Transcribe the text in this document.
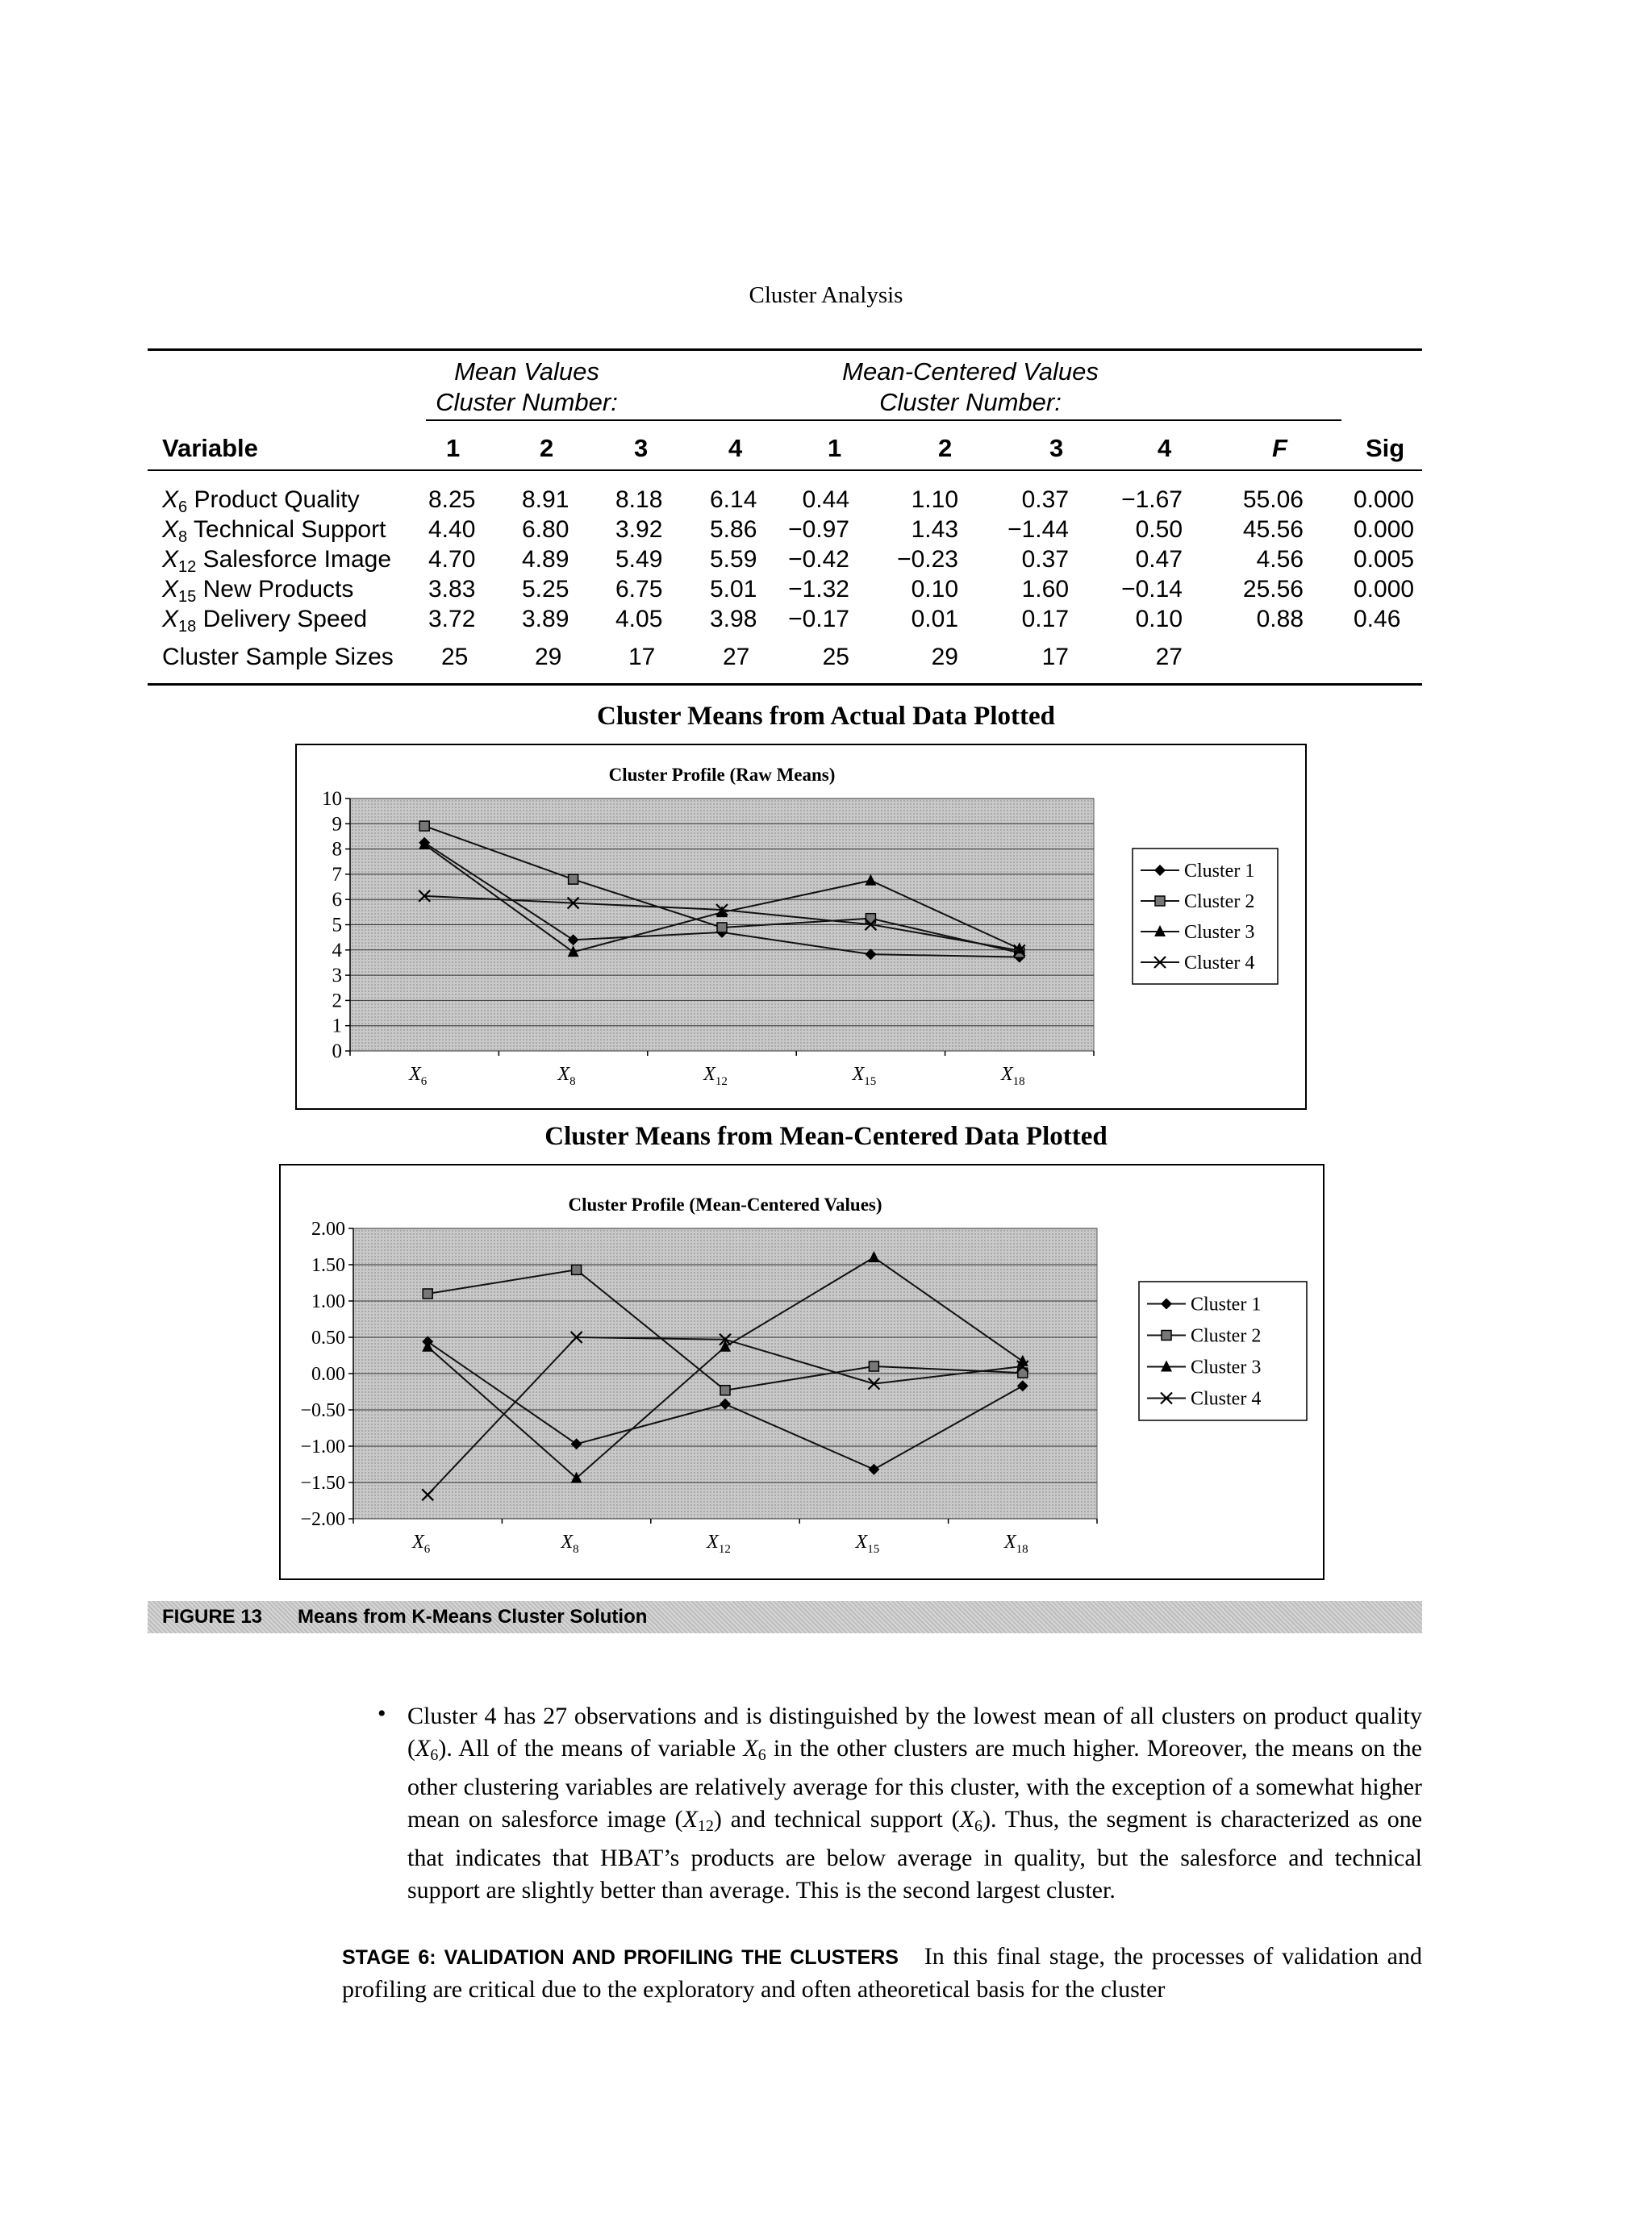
Cluster Analysis
Mean Values
Cluster Number:
Mean-Centered Values
Cluster Number:
Variable	1	2	3	4	1	2	3	4	F	Sig
$X_6$ Product Quality	8.25 8.91 8.18 6.14 0.44	1.10	0.37 −1.67 55.06 0.000
$X_8$ Technical Support 4.40 6.80 3.92 5.86 −0.97	1.43 −1.44	0.50 45.56 0.000
$X_{12}$ Salesforce Image 4.70 4.89 5.49 5.59 −0.42 −0.23	0.37	0.47	4.56 0.005
$X_{15}$ New Products	3.83 5.25 6.75 5.01 −1.32	0.10	1.60 −0.14 25.56 0.000
$X_{18}$ Delivery Speed	3.72 3.89 4.05 3.98 −0.17	0.01	0.17	0.10	0.88 0.46
Cluster Sample Sizes 25	29	17	27	25	29	17	27
Cluster Means from Actual Data Plotted
Cluster Profile (Raw Means)
0
1
2
3
4
5
6
7
8
9
10
$X_6$	$X_8$	$X_{12}$	$X_{15}$	$X_{18}$
Cluster 1
Cluster 2
Cluster 3
Cluster 4
Cluster Means from Mean-Centered Data Plotted
Cluster Profile (Mean-Centered Values)
−2.00
−1.50
−1.00
−0.50
0.00
0.50
1.00
1.50
2.00
$X_6$	$X_8$	$X_{12}$	$X_{15}$	$X_{18}$
Cluster 1
Cluster 2
Cluster 3
Cluster 4
FIGURE 13 Means from K-Means Cluster Solution
• Cluster 4 has 27 observations and is distinguished by the lowest mean of all clusters on product quality $(X_6)$. All of the means of variable $X_6$ in the other clusters are much higher. Moreover, the means on the other clustering variables are relatively average for this cluster, with the exception of a somewhat higher mean on salesforce image $(X_{12})$ and technical support $(X_6)$. Thus, the segment is characterized as one that indicates that HBAT’s products are below average in quality, but the salesforce and technical support are slightly better than average. This is the second largest cluster.
STAGE 6: VALIDATION AND PROFILING THE CLUSTERS In this final stage, the processes of validation and profiling are critical due to the exploratory and often atheoretical basis for the cluster
